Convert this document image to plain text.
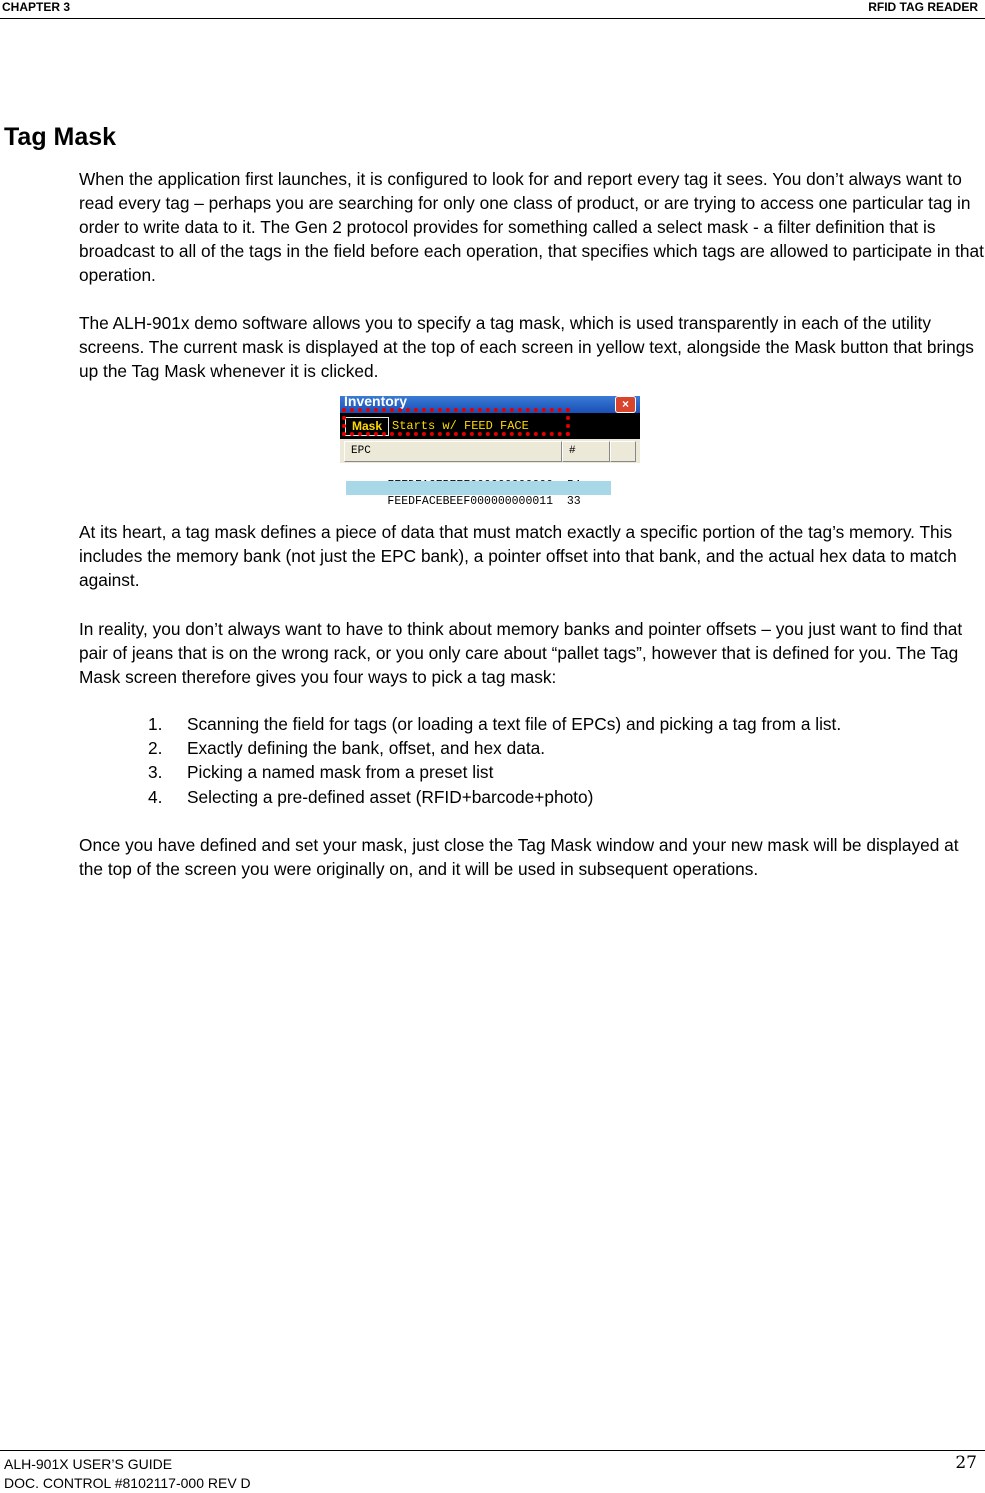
CHAPTER 3	RFID TAG READER
Tag Mask

When the application first launches, it is configured to look for and report every tag it sees. You don’t always want to read every tag – perhaps you are searching for only one class of product, or are trying to access one particular tag in order to write data to it. The Gen 2 protocol provides for something called a select mask - a filter definition that is broadcast to all of the tags in the field before each operation, that specifies which tags are allowed to participate in that operation.

The ALH-901x demo software allows you to specify a tag mask, which is used transparently in each of the utility screens. The current mask is displayed at the top of each screen in yellow text, alongside the Mask button that brings up the Tag Mask whenever it is clicked.

Inventory	×
Mask Starts w/ FEED FACE
EPC	#

FEEDFACEBEEF000000000011 33

At its heart, a tag mask defines a piece of data that must match exactly a specific portion of the tag’s memory. This includes the memory bank (not just the EPC bank), a pointer offset into that bank, and the actual hex data to match against.

In reality, you don’t always want to have to think about memory banks and pointer offsets – you just want to find that pair of jeans that is on the wrong rack, or you only care about “pallet tags”, however that is defined for you. The Tag Mask screen therefore gives you four ways to pick a tag mask:

1. Scanning the field for tags (or loading a text file of EPCs) and picking a tag from a list.
2. Exactly defining the bank, offset, and hex data.
3. Picking a named mask from a preset list
4. Selecting a pre-defined asset (RFID+barcode+photo)

Once you have defined and set your mask, just close the Tag Mask window and your new mask will be displayed at the top of the screen you were originally on, and it will be used in subsequent operations.

ALH-901X USER’S GUIDE
DOC. CONTROL #8102117-000 REV D
27
